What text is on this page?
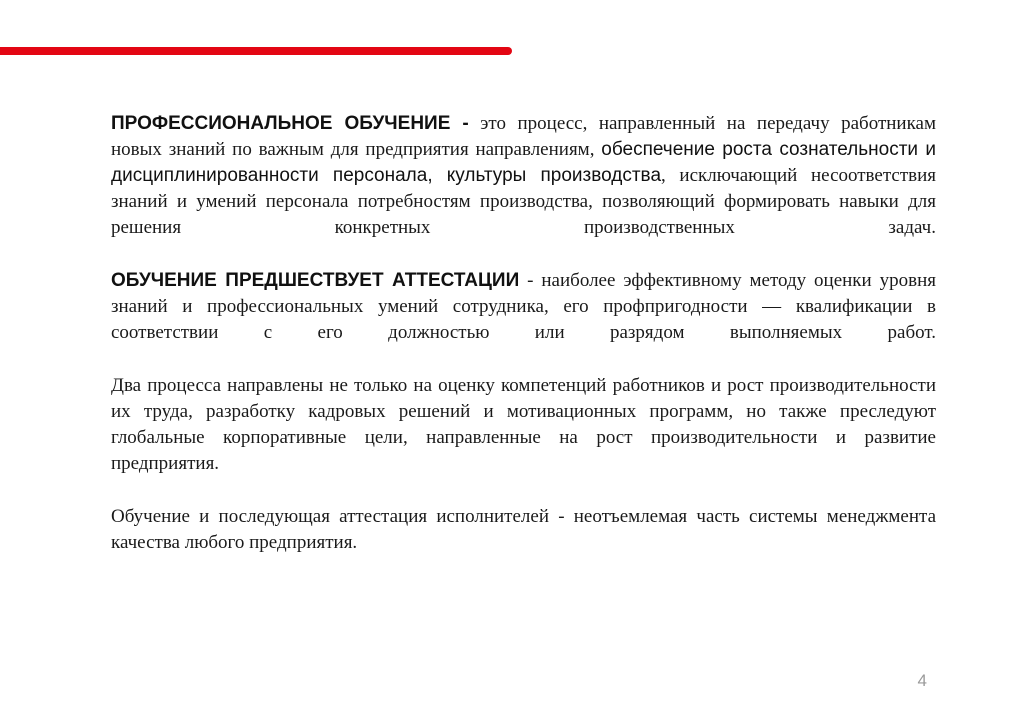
ПРОФЕССИОНАЛЬНОЕ ОБУЧЕНИЕ - это процесс, направленный на передачу работникам новых знаний по важным для предприятия направлениям, обеспечение роста сознательности и дисциплинированности персонала, культуры производства, исключающий несоответствия знаний и умений персонала потребностям производства, позволяющий формировать навыки для решения конкретных производственных задач.

ОБУЧЕНИЕ ПРЕДШЕСТВУЕТ АТТЕСТАЦИИ - наиболее эффективному методу оценки уровня знаний и профессиональных умений сотрудника, его профпригодности — квалификации в соответствии с его должностью или разрядом выполняемых работ.

Два процесса направлены не только на оценку компетенций работников и рост производительности их труда, разработку кадровых решений и мотивационных программ, но также преследуют глобальные корпоративные цели, направленные на рост производительности и развитие предприятия.

Обучение и последующая аттестация исполнителей - неотъемлемая часть системы менеджмента качества любого предприятия.

4
